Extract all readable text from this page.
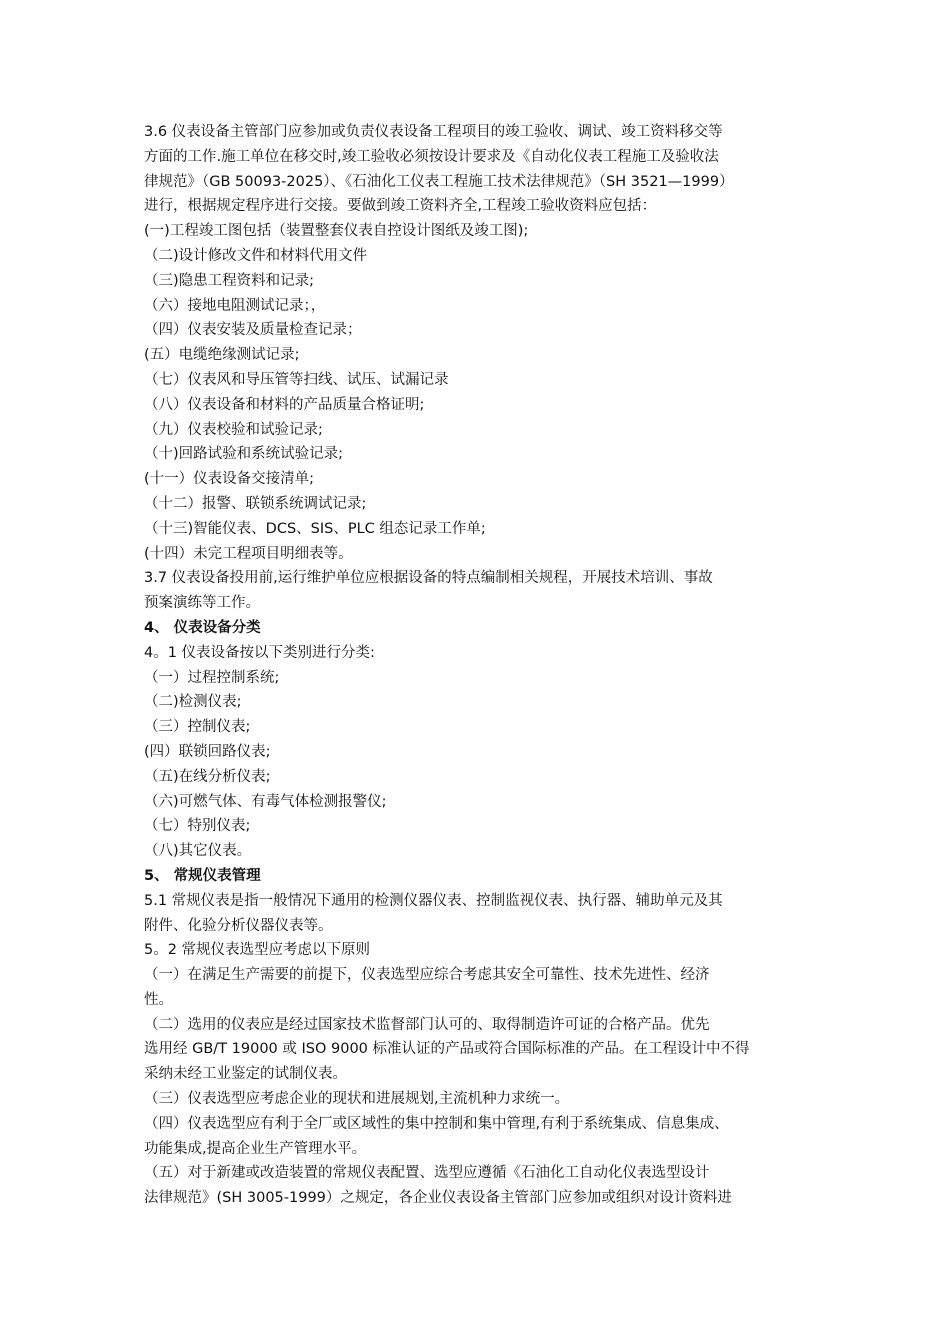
3.6 仪表设备主管部门应参加或负责仪表设备工程项目的竣工验收、调试、竣工资料移交等
方面的工作.施工单位在移交时,竣工验收必须按设计要求及《自动化仪表工程施工及验收法
律规范》（GB 50093-2025）、《石油化工仪表工程施工技术法律规范》（SH 3521—1999）
进行，根据规定程序进行交接。要做到竣工资料齐全,工程竣工验收资料应包括：
(一)工程竣工图包括（装置整套仪表自控设计图纸及竣工图);
（二)设计修改文件和材料代用文件
（三)隐患工程资料和记录;
（六）接地电阻测试记录；，
（四）仪表安装及质量检查记录；
(五）电缆绝缘测试记录;
（七）仪表风和导压管等扫线、试压、试漏记录
（八）仪表设备和材料的产品质量合格证明;
（九）仪表校验和试验记录;
（十)回路试验和系统试验记录;
(十一）仪表设备交接清单;
（十二）报警、联锁系统调试记录;
（十三)智能仪表、DCS、SIS、PLC 组态记录工作单;
(十四）未完工程项目明细表等。
3.7 仪表设备投用前,运行维护单位应根据设备的特点编制相关规程，开展技术培训、事故
预案演练等工作。
4、 仪表设备分类
4。1 仪表设备按以下类别进行分类:
（一）过程控制系统;
（二)检测仪表;
（三）控制仪表;
(四）联锁回路仪表;
（五)在线分析仪表;
（六)可燃气体、有毒气体检测报警仪;
（七）特别仪表;
（八)其它仪表。
5、 常规仪表管理
5.1 常规仪表是指一般情况下通用的检测仪器仪表、控制监视仪表、执行器、辅助单元及其
附件、化验分析仪器仪表等。
5。2 常规仪表选型应考虑以下原则
（一）在满足生产需要的前提下，仪表选型应综合考虑其安全可靠性、技术先进性、经济
性。
（二）选用的仪表应是经过国家技术监督部门认可的、取得制造许可证的合格产品。优先
选用经 GB/T 19000 或 ISO 9000 标准认证的产品或符合国际标准的产品。在工程设计中不得
采纳未经工业鉴定的试制仪表。
（三）仪表选型应考虑企业的现状和进展规划,主流机种力求统一。
（四）仪表选型应有利于全厂或区域性的集中控制和集中管理,有利于系统集成、信息集成、
功能集成,提高企业生产管理水平。
（五）对于新建或改造装置的常规仪表配置、选型应遵循《石油化工自动化仪表选型设计
法律规范》(SH 3005-1999）之规定，各企业仪表设备主管部门应参加或组织对设计资料进
